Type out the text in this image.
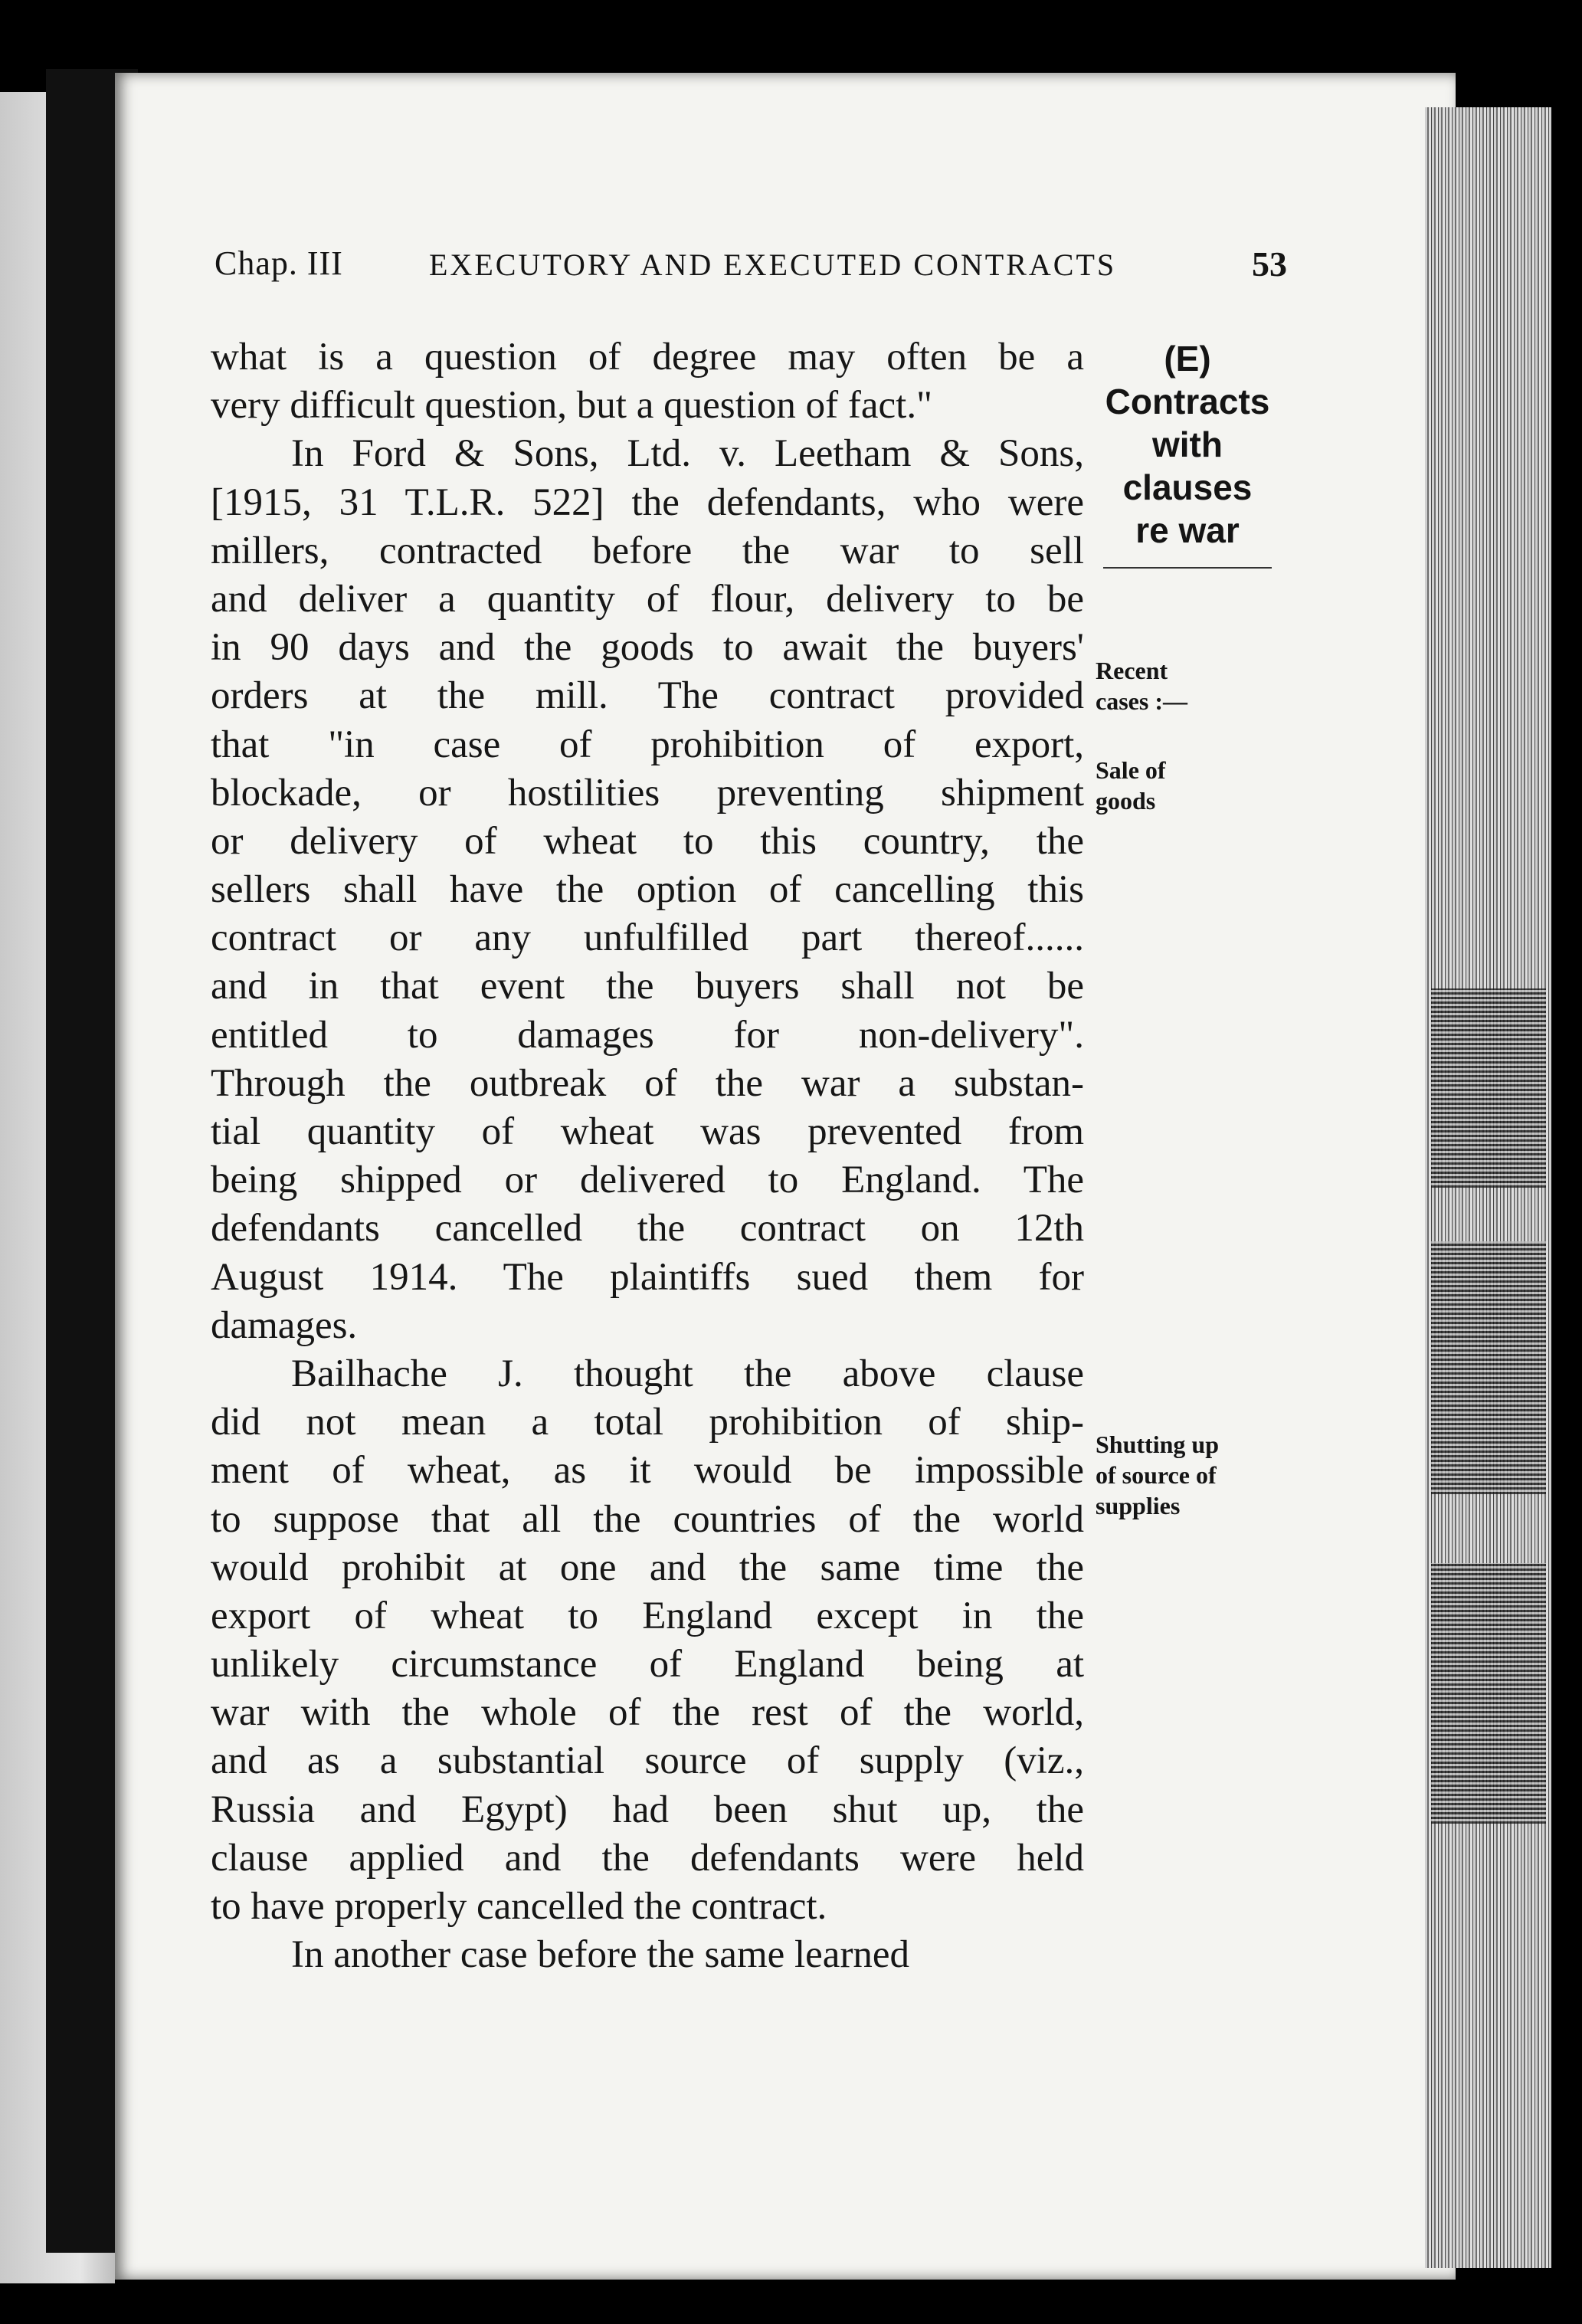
Chap. III	EXECUTORY AND EXECUTED CONTRACTS	53
what is a question of degree may often be a
very difficult question, but a question of fact."
In Ford & Sons, Ltd. v. Leetham & Sons,
[1915, 31 T.L.R. 522] the defendants, who were
millers, contracted before the war to sell
and deliver a quantity of flour, delivery to be
in 90 days and the goods to await the buyers'
orders at the mill. The contract provided
that "in case of prohibition of export,
blockade, or hostilities preventing shipment
or delivery of wheat to this country, the
sellers shall have the option of cancelling this
contract or any unfulfilled part thereof......
and in that event the buyers shall not be
entitled to damages for non-delivery".
Through the outbreak of the war a substan-
tial quantity of wheat was prevented from
being shipped or delivered to England. The
defendants cancelled the contract on 12th
August 1914. The plaintiffs sued them for
damages.
Bailhache J. thought the above clause
did not mean a total prohibition of ship-
ment of wheat, as it would be impossible
to suppose that all the countries of the world
would prohibit at one and the same time the
export of wheat to England except in the
unlikely circumstance of England being at
war with the whole of the rest of the world,
and as a substantial source of supply (viz.,
Russia and Egypt) had been shut up, the
clause applied and the defendants were held
to have properly cancelled the contract.
In another case before the same learned
(E)
Contracts
with
clauses
re war
Recent
cases :—
Sale of
goods
Shutting up
of source of
supplies
